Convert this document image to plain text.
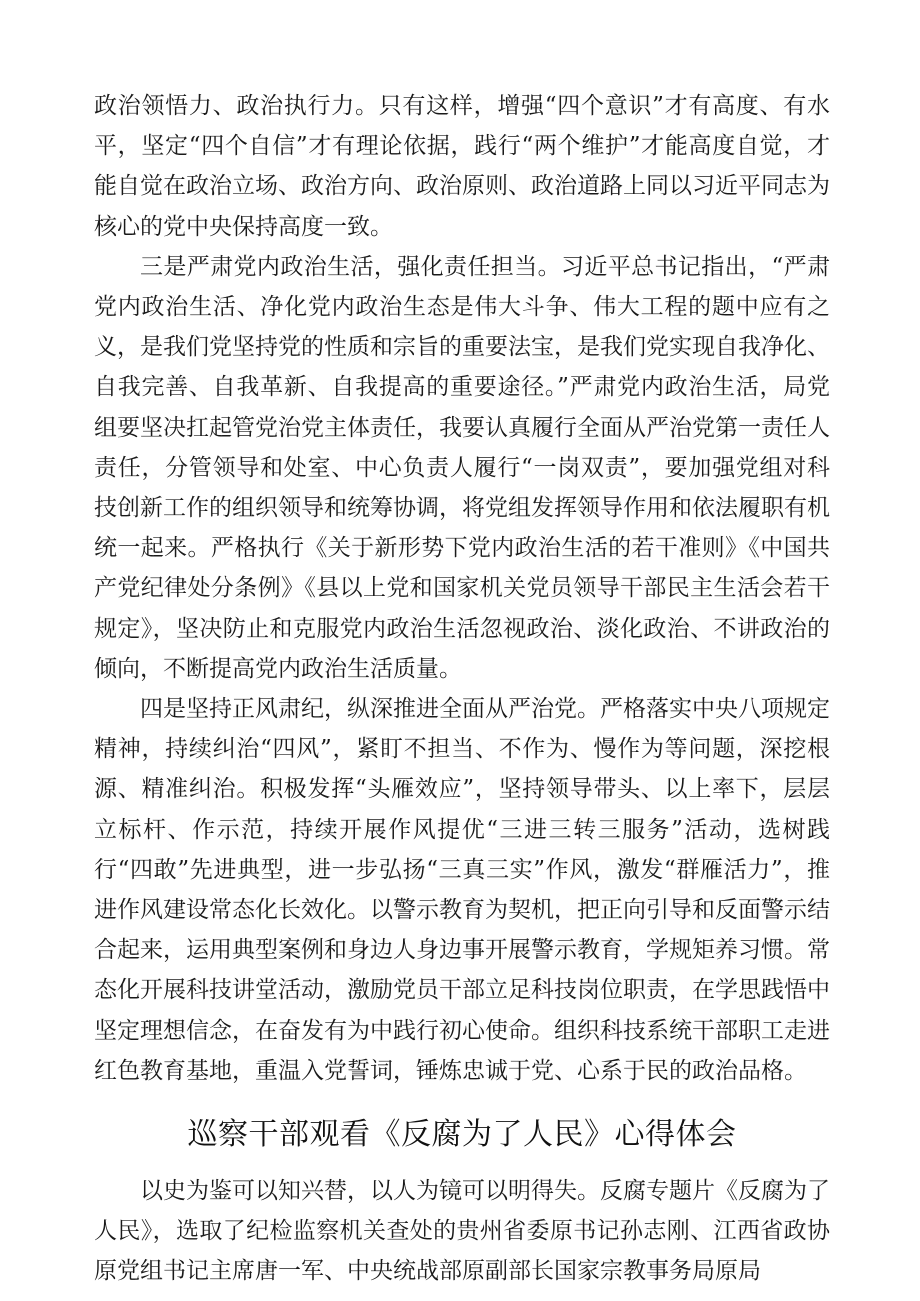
政治领悟力、政治执行力。只有这样，增强“四个意识”才有高度、有水平，坚定“四个自信”才有理论依据，践行“两个维护”才能高度自觉，才能自觉在政治立场、政治方向、政治原则、政治道路上同以习近平同志为核心的党中央保持高度一致。

三是严肃党内政治生活，强化责任担当。习近平总书记指出，“严肃党内政治生活、净化党内政治生态是伟大斗争、伟大工程的题中应有之义，是我们党坚持党的性质和宗旨的重要法宝，是我们党实现自我净化、自我完善、自我革新、自我提高的重要途径。”严肃党内政治生活，局党组要坚决扛起管党治党主体责任，我要认真履行全面从严治党第一责任人责任，分管领导和处室、中心负责人履行“一岗双责”，要加强党组对科技创新工作的组织领导和统筹协调，将党组发挥领导作用和依法履职有机统一起来。严格执行《关于新形势下党内政治生活的若干准则》《中国共产党纪律处分条例》《县以上党和国家机关党员领导干部民主生活会若干规定》，坚决防止和克服党内政治生活忽视政治、淡化政治、不讲政治的倾向，不断提高党内政治生活质量。

四是坚持正风肃纪，纵深推进全面从严治党。严格落实中央八项规定精神，持续纠治“四风”，紧盯不担当、不作为、慢作为等问题，深挖根源、精准纠治。积极发挥“头雁效应”，坚持领导带头、以上率下，层层立标杆、作示范，持续开展作风提优“三进三转三服务”活动，选树践行“四敢”先进典型，进一步弘扬“三真三实”作风，激发“群雁活力”，推进作风建设常态化长效化。以警示教育为契机，把正向引导和反面警示结合起来，运用典型案例和身边人身边事开展警示教育，学规矩养习惯。常态化开展科技讲堂活动，激励党员干部立足科技岗位职责，在学思践悟中坚定理想信念，在奋发有为中践行初心使命。组织科技系统干部职工走进红色教育基地，重温入党誓词，锤炼忠诚于党、心系于民的政治品格。

巡察干部观看《反腐为了人民》心得体会

以史为鉴可以知兴替，以人为镜可以明得失。反腐专题片《反腐为了人民》，选取了纪检监察机关查处的贵州省委原书记孙志刚、江西省政协原党组书记主席唐一军、中央统战部原副部长国家宗教事务局原局
